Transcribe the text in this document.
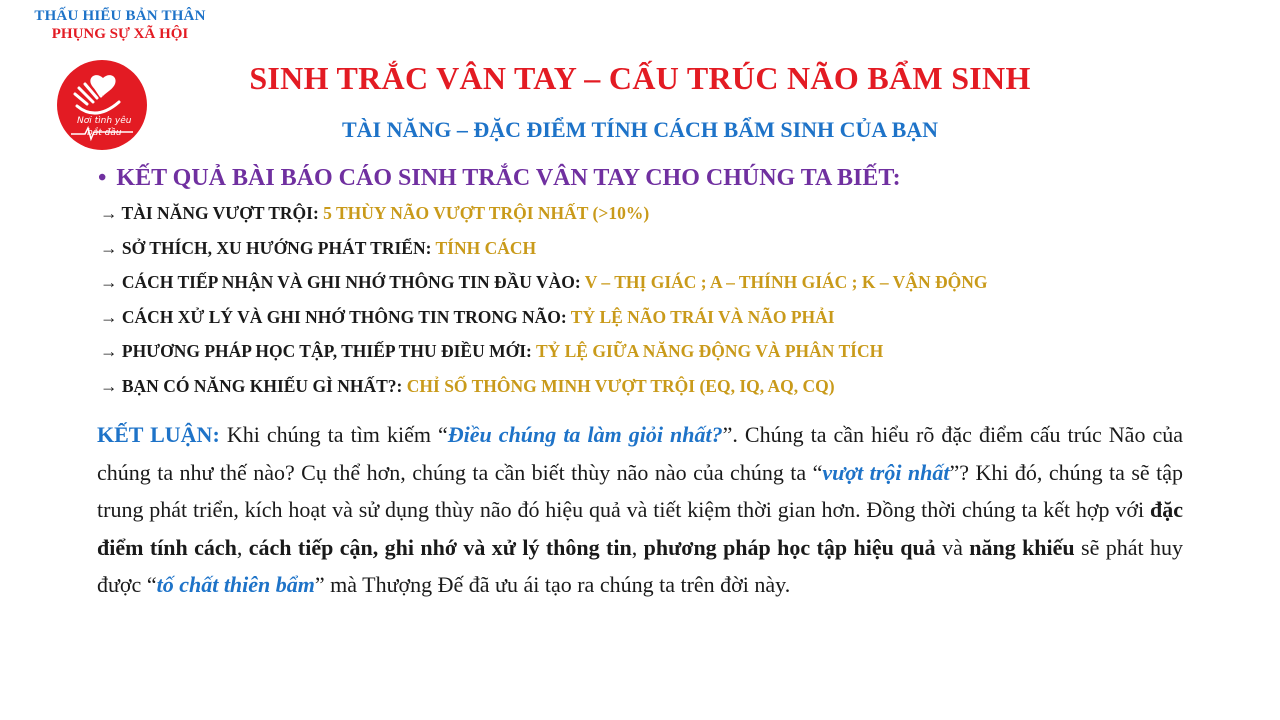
THẤU HIỂU BẢN THÂN
PHỤNG SỰ XÃ HỘI
Nơi tình yêu
bắt đầu
SINH TRẮC VÂN TAY – CẤU TRÚC NÃO BẨM SINH
TÀI NĂNG – ĐẶC ĐIỂM TÍNH CÁCH BẨM SINH CỦA BẠN
• KẾT QUẢ BÀI BÁO CÁO SINH TRẮC VÂN TAY CHO CHÚNG TA BIẾT:
→ TÀI NĂNG VƯỢT TRỘI: 5 THÙY NÃO VƯỢT TRỘI NHẤT (>10%)
→ SỞ THÍCH, XU HƯỚNG PHÁT TRIỂN: TÍNH CÁCH
→ CÁCH TIẾP NHẬN VÀ GHI NHỚ THÔNG TIN ĐẦU VÀO: V – THỊ GIÁC ; A – THÍNH GIÁC ; K – VẬN ĐỘNG
→ CÁCH XỬ LÝ VÀ GHI NHỚ THÔNG TIN TRONG NÃO: TỶ LỆ NÃO TRÁI VÀ NÃO PHẢI
→ PHƯƠNG PHÁP HỌC TẬP, THIẾP THU ĐIỀU MỚI: TỶ LỆ GIỮA NĂNG ĐỘNG VÀ PHÂN TÍCH
→ BẠN CÓ NĂNG KHIẾU GÌ NHẤT?: CHỈ SỐ THÔNG MINH VƯỢT TRỘI (EQ, IQ, AQ, CQ)
KẾT LUẬN: Khi chúng ta tìm kiếm “Điều chúng ta làm giỏi nhất?”. Chúng ta cần hiểu rõ đặc điểm cấu trúc Não của chúng ta như thế nào? Cụ thể hơn, chúng ta cần biết thùy não nào của chúng ta “vượt trội nhất”? Khi đó, chúng ta sẽ tập trung phát triển, kích hoạt và sử dụng thùy não đó hiệu quả và tiết kiệm thời gian hơn. Đồng thời chúng ta kết hợp với đặc điểm tính cách, cách tiếp cận, ghi nhớ và xử lý thông tin, phương pháp học tập hiệu quả và năng khiếu sẽ phát huy được “tố chất thiên bẩm” mà Thượng Đế đã ưu ái tạo ra chúng ta trên đời này.
